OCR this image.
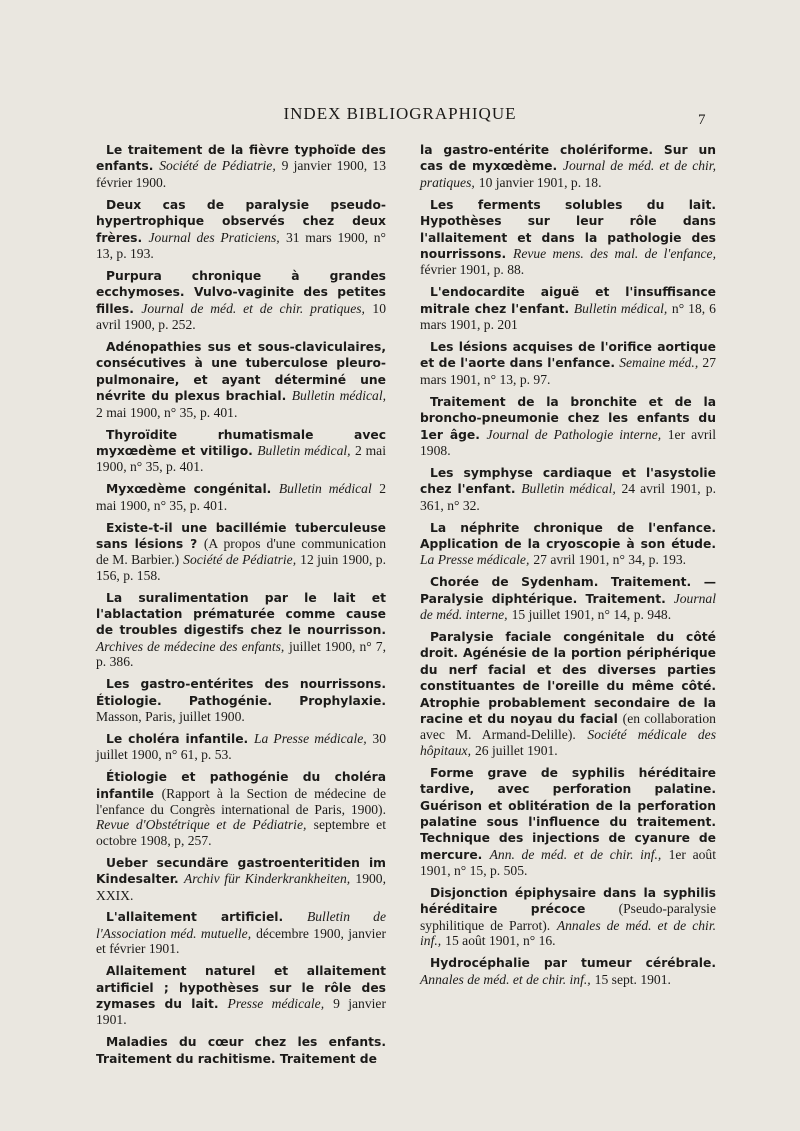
INDEX BIBLIOGRAPHIQUE	7

Le traitement de la fièvre typhoïde des enfants. Société de Pédiatrie, 9 janvier 1900, 13 février 1900.

Deux cas de paralysie pseudo-hypertrophique observés chez deux frères. Journal des Praticiens, 31 mars 1900, n° 13, p. 193.

Purpura chronique à grandes ecchymoses. Vulvo-vaginite des petites filles. Journal de méd. et de chir. pratiques, 10 avril 1900, p. 252.

Adénopathies sus et sous-claviculaires, consécutives à une tuberculose pleuro-pulmonaire, et ayant déterminé une névrite du plexus brachial. Bulletin médical, 2 mai 1900, n° 35, p. 401.

Thyroïdite rhumatismale avec myxœdème et vitiligo. Bulletin médical, 2 mai 1900, n° 35, p. 401.

Myxœdème congénital. Bulletin médical 2 mai 1900, n° 35, p. 401.

Existe-t-il une bacillémie tuberculeuse sans lésions ? (A propos d'une communication de M. Barbier.) Société de Pédiatrie, 12 juin 1900, p. 156, p. 158.

La suralimentation par le lait et l'ablactation prématurée comme cause de troubles digestifs chez le nourrisson. Archives de médecine des enfants, juillet 1900, n° 7, p. 386.

Les gastro-entérites des nourrissons. Étiologie. Pathogénie. Prophylaxie. Masson, Paris, juillet 1900.

Le choléra infantile. La Presse médicale, 30 juillet 1900, n° 61, p. 53.

Étiologie et pathogénie du choléra infantile (Rapport à la Section de médecine de l'enfance du Congrès international de Paris, 1900). Revue d'Obstétrique et de Pédiatrie, septembre et octobre 1908, p, 257.

Ueber secundäre gastroenteritiden im Kindesalter. Archiv für Kinderkrankheiten, 1900, XXIX.

L'allaitement artificiel. Bulletin de l'Association méd. mutuelle, décembre 1900, janvier et février 1901.

Allaitement naturel et allaitement artificiel ; hypothèses sur le rôle des zymases du lait. Presse médicale, 9 janvier 1901.

Maladies du cœur chez les enfants. Traitement du rachitisme. Traitement de

la gastro-entérite cholériforme. Sur un cas de myxœdème. Journal de méd. et de chir, pratiques, 10 janvier 1901, p. 18.

Les ferments solubles du lait. Hypothèses sur leur rôle dans l'allaitement et dans la pathologie des nourrissons. Revue mens. des mal. de l'enfance, février 1901, p. 88.

L'endocardite aiguë et l'insuffisance mitrale chez l'enfant. Bulletin médical, n° 18, 6 mars 1901, p. 201

Les lésions acquises de l'orifice aortique et de l'aorte dans l'enfance. Semaine méd., 27 mars 1901, n° 13, p. 97.

Traitement de la bronchite et de la broncho-pneumonie chez les enfants du 1er âge. Journal de Pathologie interne, 1er avril 1908.

Les symphyse cardiaque et l'asystolie chez l'enfant. Bulletin médical, 24 avril 1901, p. 361, n° 32.

La néphrite chronique de l'enfance. Application de la cryoscopie à son étude. La Presse médicale, 27 avril 1901, n° 34, p. 193.

Chorée de Sydenham. Traitement. — Paralysie diphtérique. Traitement. Journal de méd. interne, 15 juillet 1901, n° 14, p. 948.

Paralysie faciale congénitale du côté droit. Agénésie de la portion périphérique du nerf facial et des diverses parties constituantes de l'oreille du même côté. Atrophie probablement secondaire de la racine et du noyau du facial (en collaboration avec M. Armand-Delille). Société médicale des hôpitaux, 26 juillet 1901.

Forme grave de syphilis héréditaire tardive, avec perforation palatine. Guérison et oblitération de la perforation palatine sous l'influence du traitement. Technique des injections de cyanure de mercure. Ann. de méd. et de chir. inf., 1er août 1901, n° 15, p. 505.

Disjonction épiphysaire dans la syphilis héréditaire précoce (Pseudo-paralysie syphilitique de Parrot). Annales de méd. et de chir. inf., 15 août 1901, n° 16.

Hydrocéphalie par tumeur cérébrale. Annales de méd. et de chir. inf., 15 sept. 1901.
